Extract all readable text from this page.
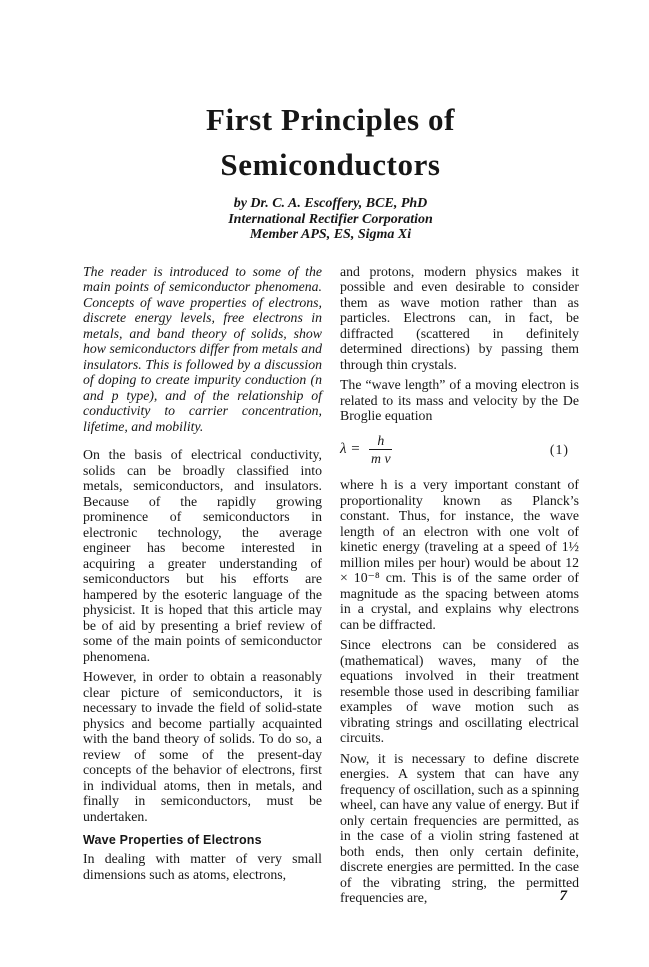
First Principles of
Semiconductors
by Dr. C. A. Escoffery, BCE, PhD
International Rectifier Corporation
Member APS, ES, Sigma Xi

The reader is introduced to some of the main points of semiconductor phenomena. Concepts of wave properties of electrons, discrete energy levels, free electrons in metals, and band theory of solids, show how semiconductors differ from metals and insulators. This is followed by a discussion of doping to create impurity conduction (n and p type), and of the relationship of conductivity to carrier concentration, lifetime, and mobility.

On the basis of electrical conductivity, solids can be broadly classified into metals, semiconductors, and insulators. Because of the rapidly growing prominence of semiconductors in electronic technology, the average engineer has become interested in acquiring a greater understanding of semiconductors but his efforts are hampered by the esoteric language of the physicist. It is hoped that this article may be of aid by presenting a brief review of some of the main points of semiconductor phenomena.

However, in order to obtain a reasonably clear picture of semiconductors, it is necessary to invade the field of solid-state physics and become partially acquainted with the band theory of solids. To do so, a review of some of the present-day concepts of the behavior of electrons, first in individual atoms, then in metals, and finally in semiconductors, must be undertaken.

Wave Properties of Electrons

In dealing with matter of very small dimensions such as atoms, electrons,

and protons, modern physics makes it possible and even desirable to consider them as wave motion rather than as particles. Electrons can, in fact, be diffracted (scattered in definitely determined directions) by passing them through thin crystals.

The “wave length” of a moving electron is related to its mass and velocity by the De Broglie equation

$\lambda = \frac{h}{\text{m v}}$	(1)

where h is a very important constant of proportionality known as Planck’s constant. Thus, for instance, the wave length of an electron with one volt of kinetic energy (traveling at a speed of 1½ million miles per hour) would be about 12 × 10⁻⁸ cm. This is of the same order of magnitude as the spacing between atoms in a crystal, and explains why electrons can be diffracted.

Since electrons can be considered as (mathematical) waves, many of the equations involved in their treatment resemble those used in describing familiar examples of wave motion such as vibrating strings and oscillating electrical circuits.

Now, it is necessary to define discrete energies. A system that can have any frequency of oscillation, such as a spinning wheel, can have any value of energy. But if only certain frequencies are permitted, as in the case of a violin string fastened at both ends, then only certain definite, discrete energies are permitted. In the case of the vibrating string, the permitted frequencies are,	7
